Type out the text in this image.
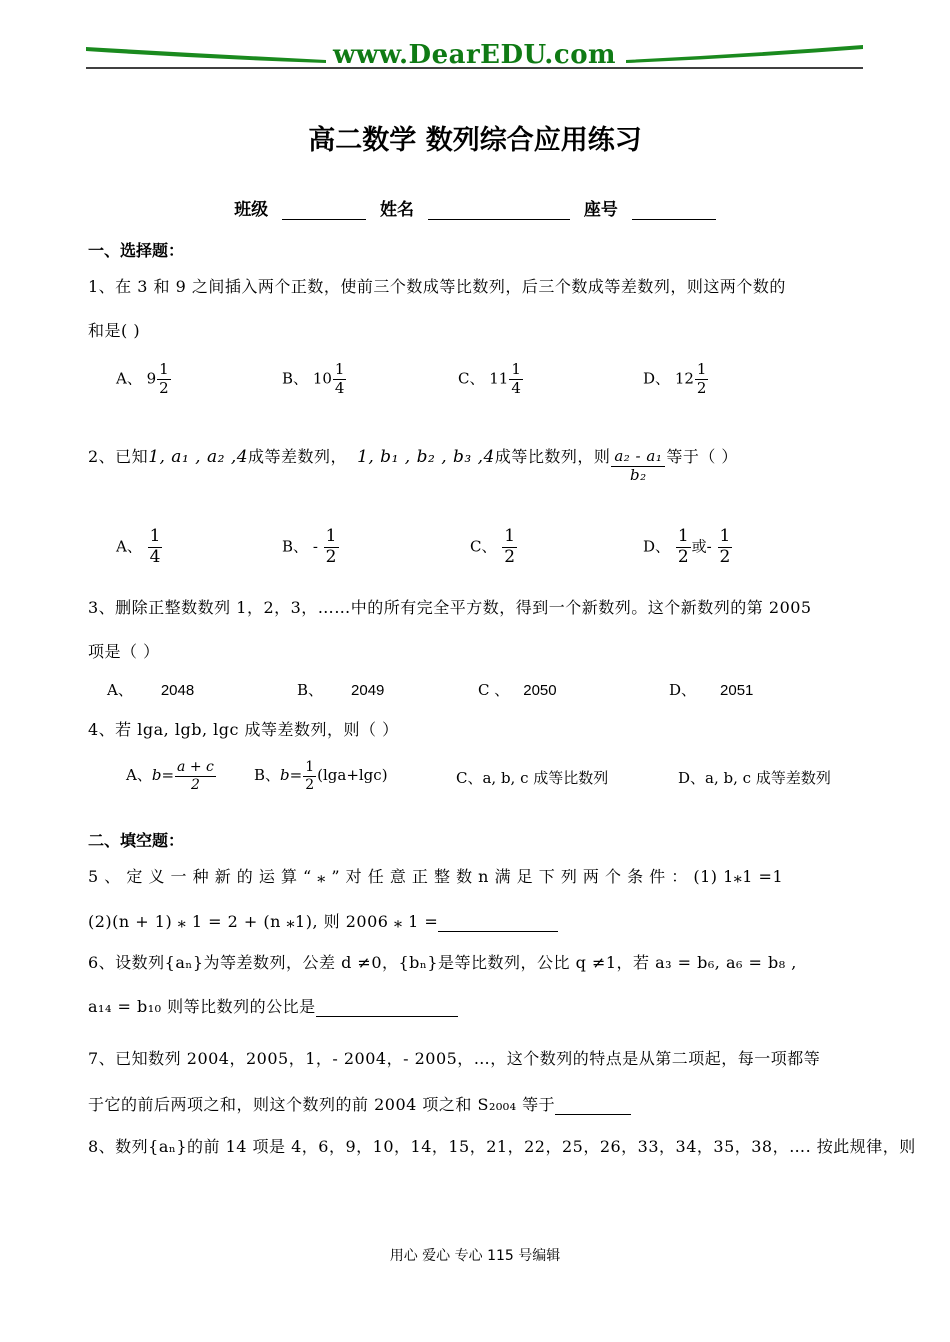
www.DearEDU.com
高二数学 数列综合应用练习
班级	姓名	座号
一、选择题：
1、在 3 和 9 之间插入两个正数，使前三个数成等比数列，后三个数成等差数列，则这两个数的
和是( )
A、 $9 \frac{1}{2}$	B、 $10 \frac{1}{4}$	C、 $11 \frac{1}{4}$	D、 $12 \frac{1}{2}$
2、已知1, a₁ , a₂ ,4成等差数列， 1, b₁ , b₂ , b₃ ,4成等比数列，则 $\frac{\text{a₂ - a₁}}{\text{b₂}}$ 等于（ ）
A、 $\frac{1}{4}$	B、 - $\frac{1}{2}$	C、 $\frac{1}{2}$	D、 $\frac{1}{2}$ 或- $\frac{1}{2}$
3、删除正整数数列 1，2，3，……中的所有完全平方数，得到一个新数列。这个新数列的第 2005
项是（ ）
A、 2048	B、 2049	C 、 2050	D、 2051
4、若 lga, lgb, lgc 成等差数列，则（ ）
A、$b= \frac{a + c}{2}$	B、$b= \frac{1}{2} (\lg a+\lg c)$	C、a, b, c 成等比数列	D、a, b, c 成等差数列
二、填空题：
5 、 定 义 一 种 新 的 运 算 “ ⁎ ” 对 任 意 正 整 数 n 满 足 下 列 两 个 条 件 ： (1) 1⁎1 =1
(2)(n + 1) ⁎ 1 = 2 + (n ⁎1), 则 2006 ⁎ 1 =
6、设数列{aₙ}为等差数列，公差 d ≠0，{bₙ}是等比数列，公比 q ≠1，若 a₃ = b₆, a₆ = b₈ ,
a₁₄ = b₁₀ 则等比数列的公比是
7、已知数列 2004，2005，1，- 2004，- 2005，…，这个数列的特点是从第二项起，每一项都等
于它的前后两项之和，则这个数列的前 2004 项之和 S₂₀₀₄ 等于
8、数列{aₙ}的前 14 项是 4，6，9，10，14，15，21，22，25，26，33，34，35，38，…. 按此规律，则
用心 爱心 专心 115 号编辑
